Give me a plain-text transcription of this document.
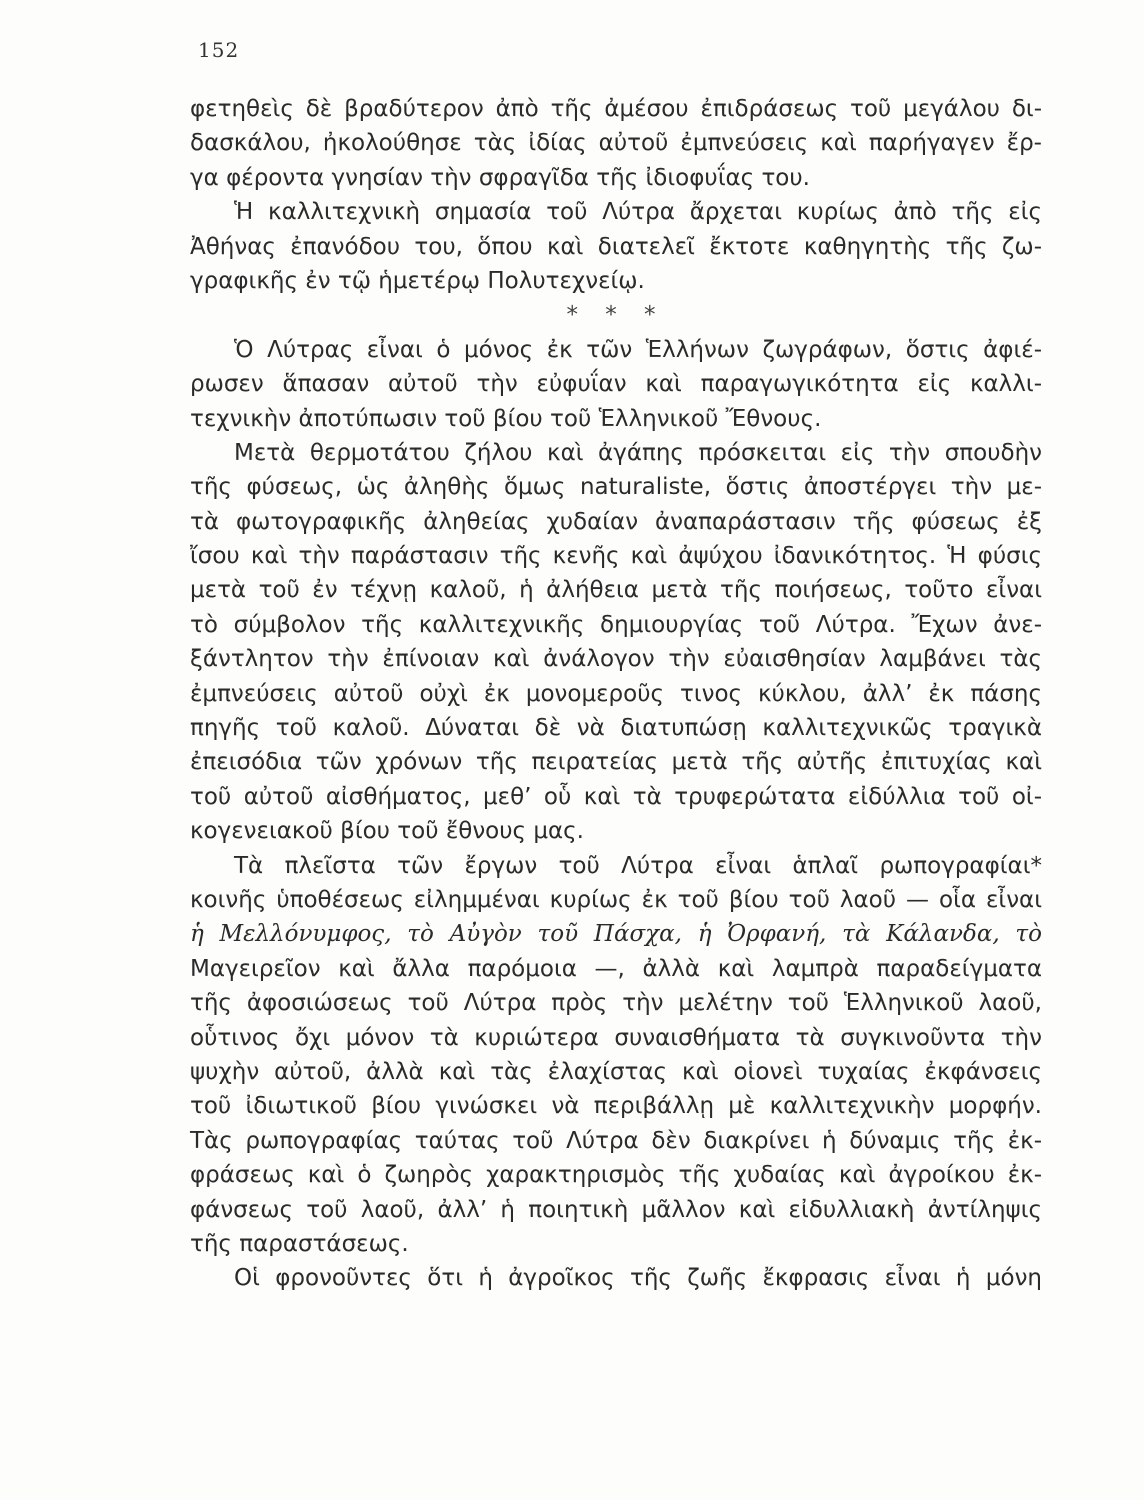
152
φετηθεὶς δὲ βραδύτερον ἀπὸ τῆς ἀμέσου ἐπιδράσεως τοῦ μεγάλου δι-
δασκάλου, ἠκολούθησε τὰς ἰδίας αὐτοῦ ἐμπνεύσεις καὶ παρήγαγεν ἔρ-
γα φέροντα γνησίαν τὴν σφραγῖδα τῆς ἰδιοφυΐας του.
Ἡ καλλιτεχνικὴ σημασία τοῦ Λύτρα ἄρχεται κυρίως ἀπὸ τῆς εἰς
Ἀθήνας ἐπανόδου του, ὅπου καὶ διατελεῖ ἔκτοτε καθηγητὴς τῆς ζω-
γραφικῆς ἐν τῷ ἡμετέρῳ Πολυτεχνείῳ.
* * *
Ὁ Λύτρας εἶναι ὁ μόνος ἐκ τῶν Ἑλλήνων ζωγράφων, ὅστις ἀφιέ-
ρωσεν ἅπασαν αὐτοῦ τὴν εὐφυΐαν καὶ παραγωγικότητα εἰς καλλι-
τεχνικὴν ἀποτύπωσιν τοῦ βίου τοῦ Ἑλληνικοῦ Ἔθνους.
Μετὰ θερμοτάτου ζήλου καὶ ἀγάπης πρόσκειται εἰς τὴν σπουδὴν
τῆς φύσεως, ὡς ἀληθὴς ὅμως naturaliste, ὅστις ἀποστέργει τὴν με-
τὰ φωτογραφικῆς ἀληθείας χυδαίαν ἀναπαράστασιν τῆς φύσεως ἐξ
ἴσου καὶ τὴν παράστασιν τῆς κενῆς καὶ ἀψύχου ἰδανικότητος. Ἡ φύσις
μετὰ τοῦ ἐν τέχνῃ καλοῦ, ἡ ἀλήθεια μετὰ τῆς ποιήσεως, τοῦτο εἶναι
τὸ σύμβολον τῆς καλλιτεχνικῆς δημιουργίας τοῦ Λύτρα. Ἔχων ἀνε-
ξάντλητον τὴν ἐπίνοιαν καὶ ἀνάλογον τὴν εὐαισθησίαν λαμβάνει τὰς
ἐμπνεύσεις αὐτοῦ οὐχὶ ἐκ μονομεροῦς τινος κύκλου, ἀλλ’ ἐκ πάσης
πηγῆς τοῦ καλοῦ. Δύναται δὲ νὰ διατυπώσῃ καλλιτεχνικῶς τραγικὰ
ἐπεισόδια τῶν χρόνων τῆς πειρατείας μετὰ τῆς αὐτῆς ἐπιτυχίας καὶ
τοῦ αὐτοῦ αἰσθήματος, μεθ’ οὗ καὶ τὰ τρυφερώτατα εἰδύλλια τοῦ οἰ-
κογενειακοῦ βίου τοῦ ἔθνους μας.
Τὰ πλεῖστα τῶν ἔργων τοῦ Λύτρα εἶναι ἁπλαῖ ρωπογραφίαι*
κοινῆς ὑποθέσεως εἰλημμέναι κυρίως ἐκ τοῦ βίου τοῦ λαοῦ — οἷα εἶναι
ἡ Μελλόνυμφος, τὸ Αὐγὸν τοῦ Πάσχα, ἡ Ὀρφανή, τὰ Κάλανδα, τὸ
Μαγειρεῖον καὶ ἄλλα παρόμοια —, ἀλλὰ καὶ λαμπρὰ παραδείγματα
τῆς ἀφοσιώσεως τοῦ Λύτρα πρὸς τὴν μελέτην τοῦ Ἑλληνικοῦ λαοῦ,
οὗτινος ὄχι μόνον τὰ κυριώτερα συναισθήματα τὰ συγκινοῦντα τὴν
ψυχὴν αὐτοῦ, ἀλλὰ καὶ τὰς ἐλαχίστας καὶ οἱονεὶ τυχαίας ἐκφάνσεις
τοῦ ἰδιωτικοῦ βίου γινώσκει νὰ περιβάλλῃ μὲ καλλιτεχνικὴν μορφήν.
Τὰς ρωπογραφίας ταύτας τοῦ Λύτρα δὲν διακρίνει ἡ δύναμις τῆς ἐκ-
φράσεως καὶ ὁ ζωηρὸς χαρακτηρισμὸς τῆς χυδαίας καὶ ἀγροίκου ἐκ-
φάνσεως τοῦ λαοῦ, ἀλλ’ ἡ ποιητικὴ μᾶλλον καὶ εἰδυλλιακὴ ἀντίληψις
τῆς παραστάσεως.
Οἱ φρονοῦντες ὅτι ἡ ἀγροῖκος τῆς ζωῆς ἔκφρασις εἶναι ἡ μόνη
